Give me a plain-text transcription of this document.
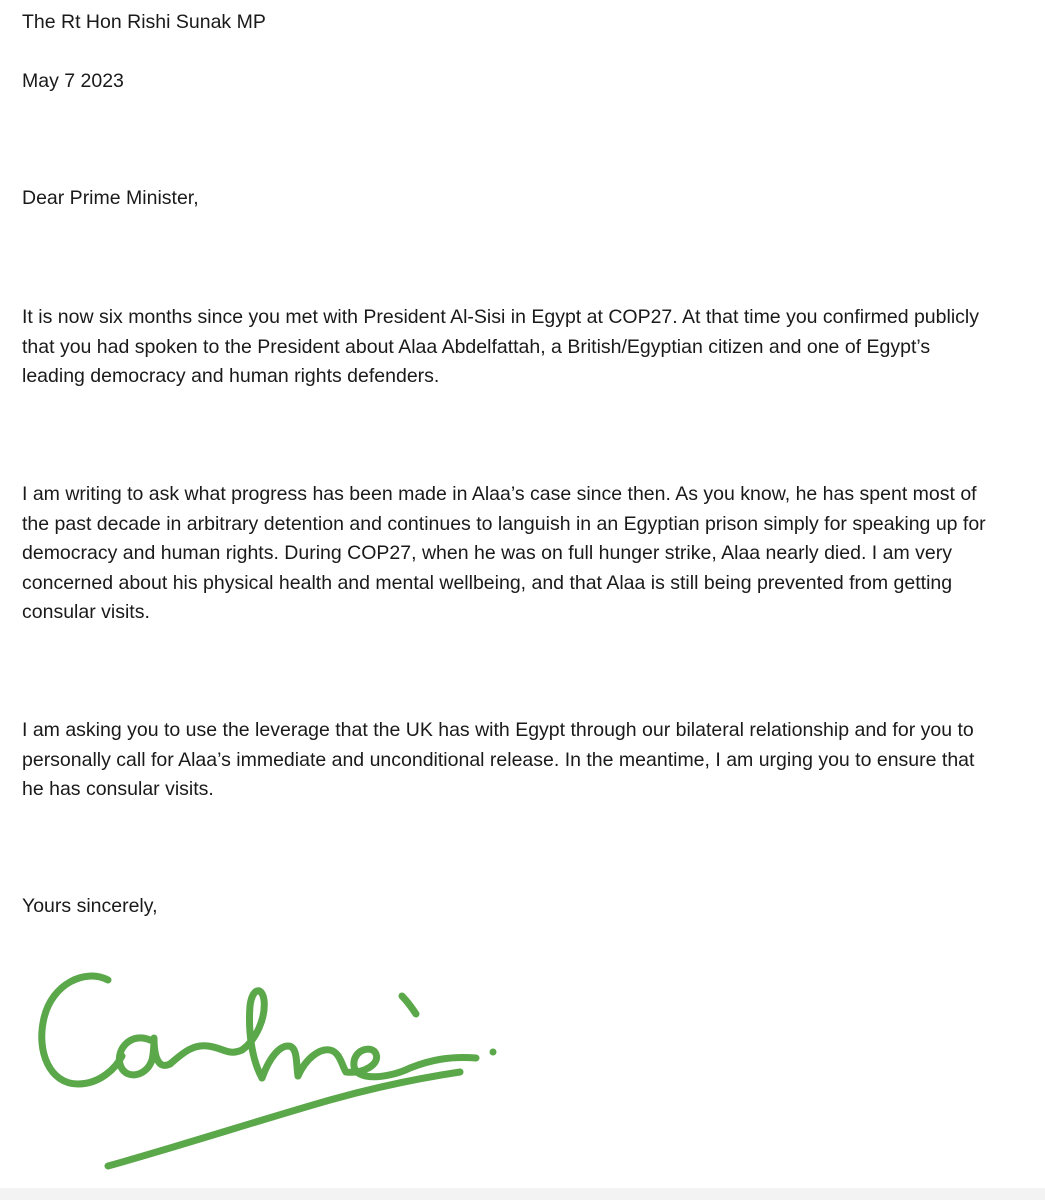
The Rt Hon Rishi Sunak MP

May 7 2023

Dear Prime Minister,

It is now six months since you met with President Al-Sisi in Egypt at COP27. At that time you confirmed publicly
that you had spoken to the President about Alaa Abdelfattah, a British/Egyptian citizen and one of Egypt’s
leading democracy and human rights defenders.
I am writing to ask what progress has been made in Alaa’s case since then. As you know, he has spent most of
the past decade in arbitrary detention and continues to languish in an Egyptian prison simply for speaking up for
democracy and human rights. During COP27, when he was on full hunger strike, Alaa nearly died. I am very
concerned about his physical health and mental wellbeing, and that Alaa is still being prevented from getting
consular visits.
I am asking you to use the leverage that the UK has with Egypt through our bilateral relationship and for you to
personally call for Alaa’s immediate and unconditional release. In the meantime, I am urging you to ensure that
he has consular visits.

Yours sincerely,
